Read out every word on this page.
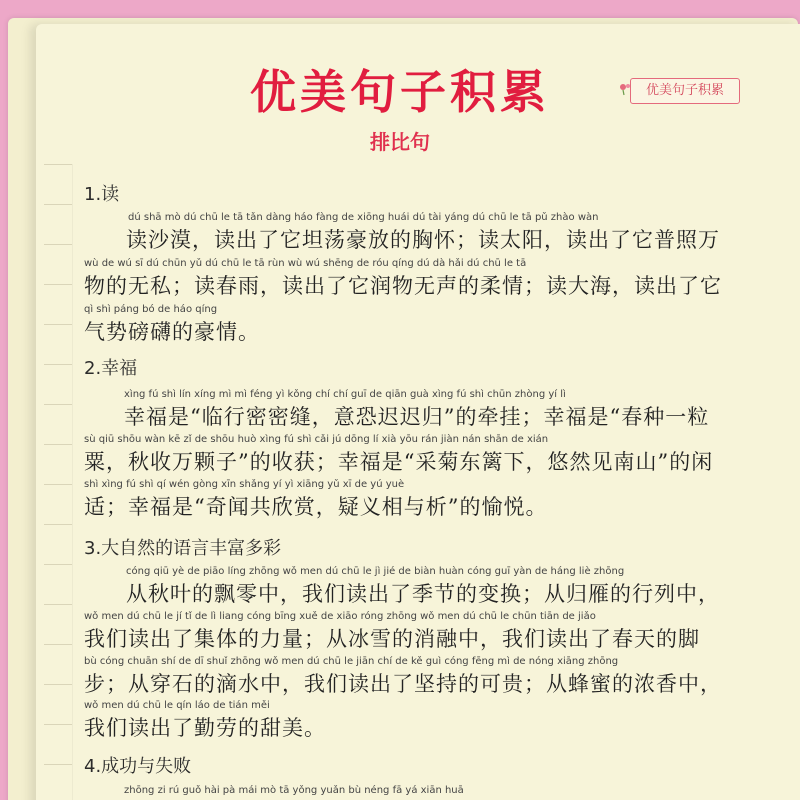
优美句子积累	优美句子积累
排比句
1.读
dú shā mò dú chū le tā tǎn dàng háo fàng de xiōng huái dú tài yáng dú chū le tā pǔ zhào wàn
读沙漠，读出了它坦荡豪放的胸怀；读太阳，读出了它普照万
wù de wú sī dú chūn yǔ dú chū le tā rùn wù wú shēng de róu qíng dú dà hǎi dú chū le tā
物的无私；读春雨，读出了它润物无声的柔情；读大海，读出了它
qì shì páng bó de háo qíng
气势磅礴的豪情。
2.幸福
xìng fú shì lín xíng mì mì féng yì kǒng chí chí guī de qiān guà xìng fú shì chūn zhòng yí lì
幸福是“临行密密缝，意恐迟迟归”的牵挂；幸福是“春种一粒
sù qiū shōu wàn kē zǐ de shōu huò xìng fú shì cǎi jú dōng lí xià yōu rán jiàn nán shān de xián
粟，秋收万颗子”的收获；幸福是“采菊东篱下，悠然见南山”的闲
shì xìng fú shì qí wén gòng xīn shǎng yí yì xiāng yǔ xī de yú yuè
适；幸福是“奇闻共欣赏，疑义相与析”的愉悦。
3.大自然的语言丰富多彩
cóng qiū yè de piāo líng zhōng wǒ men dú chū le jì jié de biàn huàn cóng guī yàn de háng liè zhōng
从秋叶的飘零中，我们读出了季节的变换；从归雁的行列中，
wǒ men dú chū le jí tǐ de lì liang cóng bīng xuě de xiāo róng zhōng wǒ men dú chū le chūn tiān de jiǎo
我们读出了集体的力量；从冰雪的消融中，我们读出了春天的脚
bù cóng chuān shí de dī shuǐ zhōng wǒ men dú chū le jiān chí de kě guì cóng fēng mì de nóng xiāng zhōng
步；从穿石的滴水中，我们读出了坚持的可贵；从蜂蜜的浓香中，
wǒ men dú chū le qín láo de tián měi
我们读出了勤劳的甜美。
4.成功与失败
zhōng zi rú guǒ hài pà mái mò tā yǒng yuǎn bù néng fā yá xiān huā
